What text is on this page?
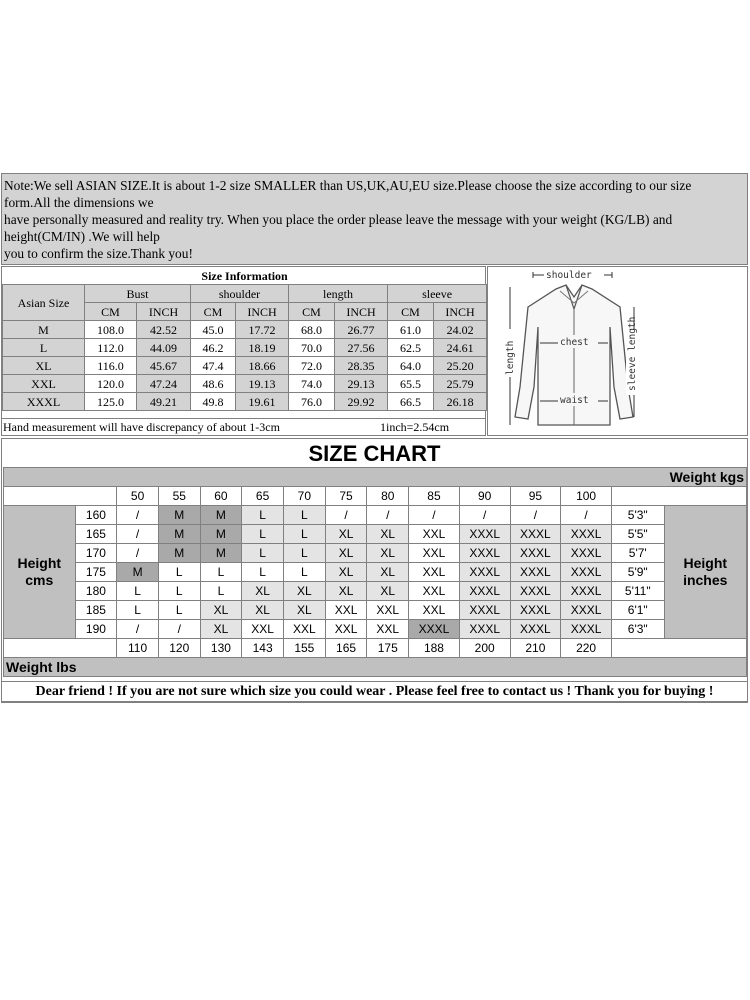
Note:We sell ASIAN SIZE.It is about 1-2 size SMALLER than US,UK,AU,EU size.Please choose the size according to our size
form.All the dimensions we
have personally measured and reality try. When you place the order please leave the message with your weight (KG/LB) and
height(CM/IN) .We will help
you to confirm the size.Thank you!
Size Information								
Asian Size	Bust		shoulder		length		sleeve	
	CM	INCH	CM	INCH	CM	INCH	CM	INCH
M	108.0	42.52	45.0	17.72	68.0	26.77	61.0	24.02
L	112.0	44.09	46.2	18.19	70.0	27.56	62.5	24.61
XL	116.0	45.67	47.4	18.66	72.0	28.35	64.0	25.20
XXL	120.0	47.24	48.6	19.13	74.0	29.13	65.5	25.79
XXXL	125.0	49.21	49.8	19.61	76.0	29.92	66.5	26.18
Hand measurement will have discrepancy of about 1-3cm	1inch=2.54cm
shoulder
chest
waist
length	sleeve length
SIZE CHART
Weight kgs														
		50	55	60	65	70	75	80	85	90	95	100		
Height cms	160	/	M	M	L	L	/	/	/	/	/	/	5'3"	Height inches
	165	/	M	M	L	L	XL	XL	XXL	XXXL	XXXL	XXXL	5'5"	
	170	/	M	M	L	L	XL	XL	XXL	XXXL	XXXL	XXXL	5'7'	
	175	M	L	L	L	L	XL	XL	XXL	XXXL	XXXL	XXXL	5'9"	
	180	L	L	L	XL	XL	XL	XL	XXL	XXXL	XXXL	XXXL	5'11"	
	185	L	L	XL	XL	XL	XXL	XXL	XXL	XXXL	XXXL	XXXL	6'1"	
	190	/	/	XL	XXL	XXL	XXL	XXL	XXXL	XXXL	XXXL	XXXL	6'3"	
		110	120	130	143	155	165	175	188	200	210	220		
Weight lbs														
Dear friend ! If you are not sure which size you could wear . Please feel free to contact us ! Thank you for buying !
